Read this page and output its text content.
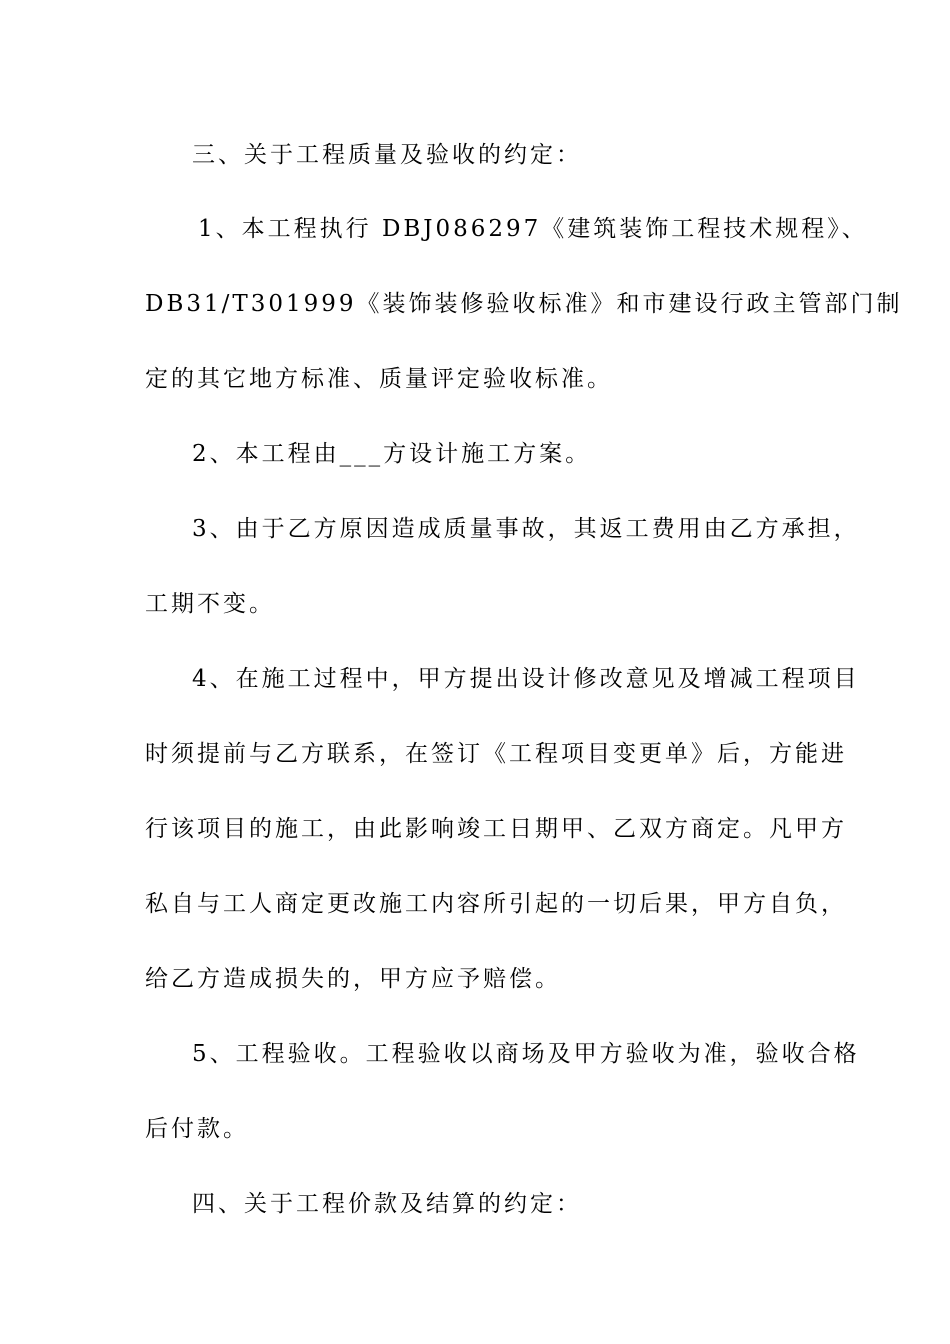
三、关于工程质量及验收的约定：
1、本工程执行 DBJ086297《建筑装饰工程技术规程》、
DB31/T301999《装饰装修验收标准》和市建设行政主管部门制
定的其它地方标准、质量评定验收标准。
2、本工程由___方设计施工方案。
3、由于乙方原因造成质量事故，其返工费用由乙方承担，
工期不变。
4、在施工过程中，甲方提出设计修改意见及增减工程项目
时须提前与乙方联系，在签订《工程项目变更单》后，方能进
行该项目的施工，由此影响竣工日期甲、乙双方商定。凡甲方
私自与工人商定更改施工内容所引起的一切后果，甲方自负，
给乙方造成损失的，甲方应予赔偿。
5、工程验收。工程验收以商场及甲方验收为准，验收合格
后付款。
四、关于工程价款及结算的约定：
